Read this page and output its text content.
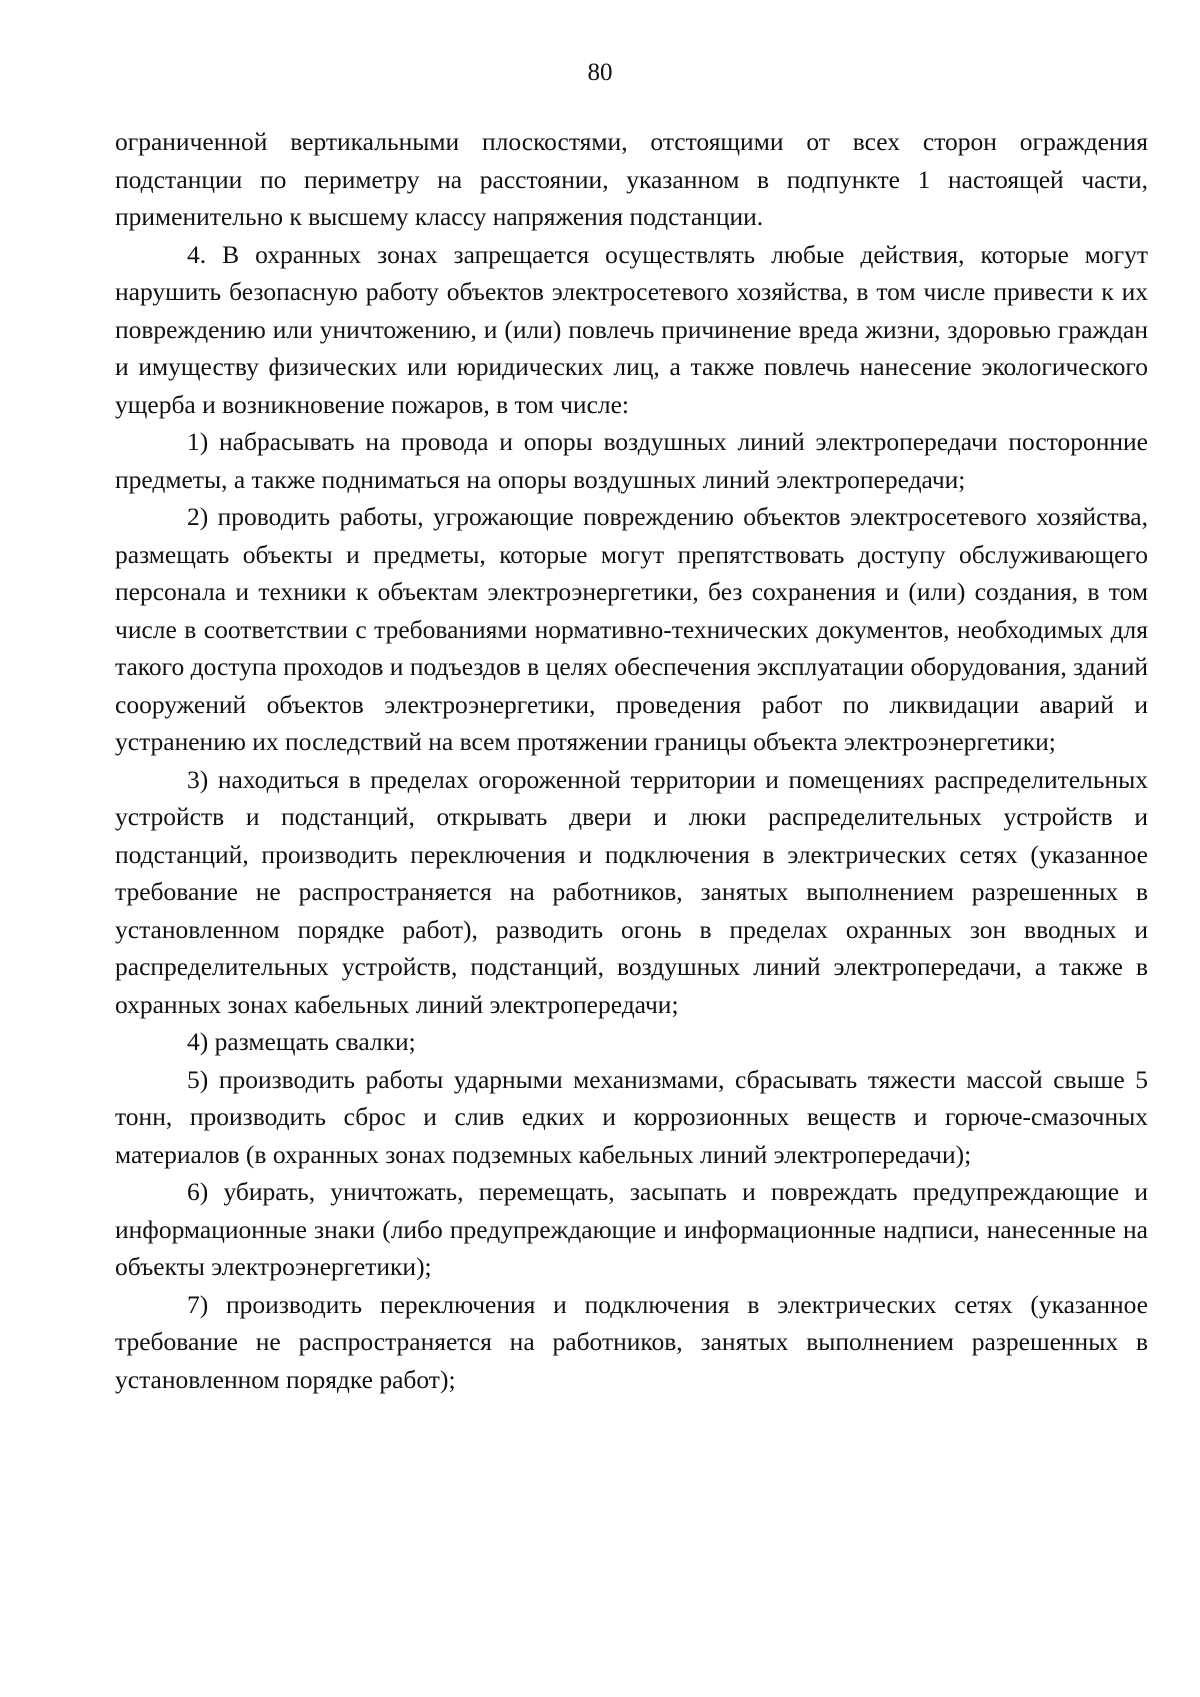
80

ограниченной вертикальными плоскостями, отстоящими от всех сторон ограждения подстанции по периметру на расстоянии, указанном в подпункте 1 настоящей части, применительно к высшему классу напряжения подстанции.

4. В охранных зонах запрещается осуществлять любые действия, которые могут нарушить безопасную работу объектов электросетевого хозяйства, в том числе привести к их повреждению или уничтожению, и (или) повлечь причинение вреда жизни, здоровью граждан и имуществу физических или юридических лиц, а также повлечь нанесение экологического ущерба и возникновение пожаров, в том числе:

1) набрасывать на провода и опоры воздушных линий электропередачи посторонние предметы, а также подниматься на опоры воздушных линий электропередачи;

2) проводить работы, угрожающие повреждению объектов электросетевого хозяйства, размещать объекты и предметы, которые могут препятствовать доступу обслуживающего персонала и техники к объектам электроэнергетики, без сохранения и (или) создания, в том числе в соответствии с требованиями нормативно-технических документов, необходимых для такого доступа проходов и подъездов в целях обеспечения эксплуатации оборудования, зданий сооружений объектов электроэнергетики, проведения работ по ликвидации аварий и устранению их последствий на всем протяжении границы объекта электроэнергетики;

3) находиться в пределах огороженной территории и помещениях распределительных устройств и подстанций, открывать двери и люки распределительных устройств и подстанций, производить переключения и подключения в электрических сетях (указанное требование не распространяется на работников, занятых выполнением разрешенных в установленном порядке работ), разводить огонь в пределах охранных зон вводных и распределительных устройств, подстанций, воздушных линий электропередачи, а также в охранных зонах кабельных линий электропередачи;

4) размещать свалки;

5) производить работы ударными механизмами, сбрасывать тяжести массой свыше 5 тонн, производить сброс и слив едких и коррозионных веществ и горюче-смазочных материалов (в охранных зонах подземных кабельных линий электропередачи);

6) убирать, уничтожать, перемещать, засыпать и повреждать предупреждающие и информационные знаки (либо предупреждающие и информационные надписи, нанесенные на объекты электроэнергетики);

7) производить переключения и подключения в электрических сетях (указанное требование не распространяется на работников, занятых выполнением разрешенных в установленном порядке работ);
